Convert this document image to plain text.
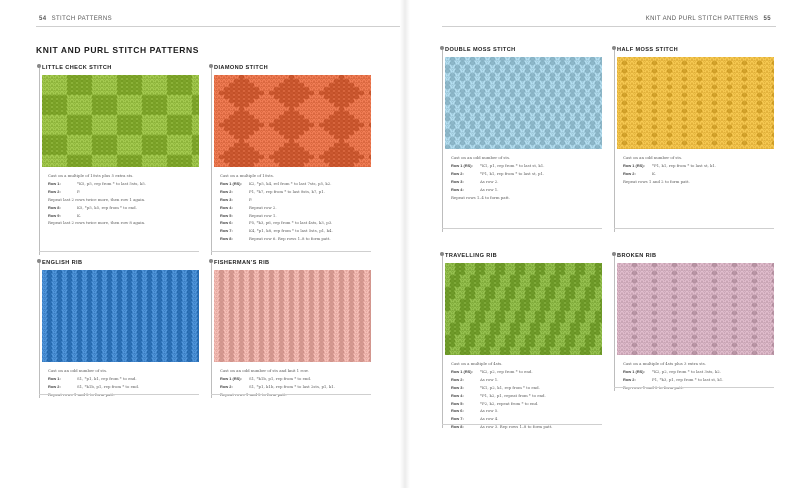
54 STITCH PATTERNS	KNIT AND PURL STITCH PATTERNS 55
KNIT AND PURL STITCH PATTERNS
LITTLE CHECK STITCH
Cast on a multiple of 10sts plus 5 extra sts.
Row 1:	*K5, p5, rep from * to last 5sts, k5.
Row 2:	P.
Repeat last 2 rows twice more, then row 1 again.
Row 8:	K5, *p5, k5, rep from * to end.
Row 9:	K.
Repeat last 2 rows twice more, then row 8 again.
DIAMOND STITCH
Cast on a multiple of 10sts.
Row 1 (RS):	K2, *p5, k4, rel from * to last 7sts, p5, k2.
Row 2:	P1, *k7, rep from * to last 8sts, k7, p1.
Row 3:	P.
Row 4:	Repeat row 2.
Row 5:	Repeat row 1.
Row 6:	P5, *k3, p6, rep from * to last 4sts, k3, p3.
Row 7:	K4, *p1, k8, rep from * to last 5sts, p1, k4.
Row 8:	Repeat row 6. Rep rows 1–8 to form patt.
ENGLISH RIB
Cast on an odd number of sts.
Row 1:	S1, *p1, k1, rep from * to end.
Row 2:	S1, *k1b, p1, rep from * to end.
Repeat rows 1 and 2 to form patt.
FISHERMAN'S RIB
Cast on an odd number of sts and knit 1 row.
Row 1 (RS):	S1, *k1b, p1, rep from * to end.
Row 2:	S1, *p1, k1b, rep from * to last 2sts, p1, k1.
Repeat rows 1 and 2 to form patt.
DOUBLE MOSS STITCH
Cast on an odd number of sts.
Row 1 (RS):	*K1, p1, rep from * to last st, k1.
Row 2:	*P1, k1, rep from * to last st, p1.
Row 3:	As row 2.
Row 4:	As row 1.
Repeat rows 1–4 to form patt.
HALF MOSS STITCH
Cast on an odd number of sts.
Row 1 (RS):	*P1, k1, rep from * to last st, k1.
Row 2:	K.
Repeat rows 1 and 2 to form patt.
TRAVELLING RIB
Cast on a multiple of 4sts.
Row 1 (RS):	*K2, p2, rep from * to end.
Row 2:	As row 1.
Row 3:	*K1, p2, k1, rep from * to end.
Row 4:	*P1, k2, p1, repeat from * to end.
Row 5:	*P2, k2, repeat from * to end.
Row 6:	As row 5.
Row 7:	As row 4.
Row 8:	As row 3. Rep rows 1–8 to form patt.
BROKEN RIB
Cast on a multiple of 4sts plus 3 extra sts.
Row 1 (RS):	*K2, p2, rep from * to last 3sts, k2.
Row 2:	P1, *k3, p1, rep from * to last st, k1.
Rep rows 1 and 2 to form patt.
